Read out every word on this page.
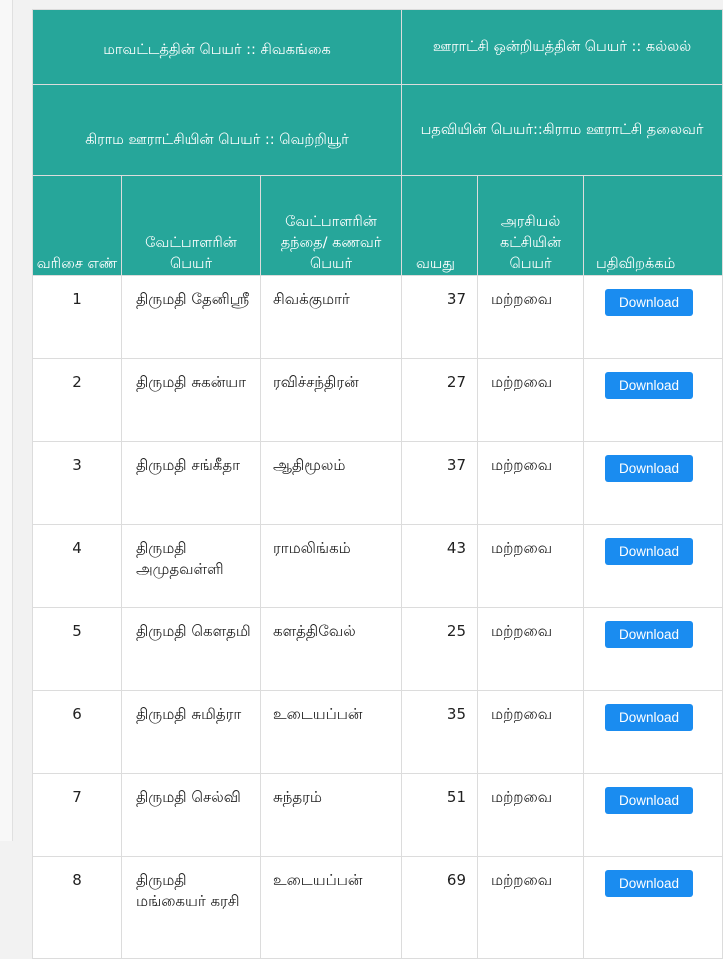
மாவட்டத்தின் பெயர் :: சிவகங்கை			ஊராட்சி ஒன்றியத்தின் பெயர் :: கல்லல்		
கிராம ஊராட்சியின் பெயர் :: வெற்றியூர்			பதவியின் பெயர்::கிராம ஊராட்சி தலைவர்		
வரிசை எண்	வேட்பாளரின் பெயர்	வேட்பாளரின் தந்தை/ கணவர் பெயர்	வயது	அரசியல் கட்சியின் பெயர்	பதிவிறக்கம்
1	திருமதி தேனிஸ்ரீ	சிவக்குமார்	37	மற்றவை	Download
2	திருமதி சுகன்யா	ரவிச்சந்திரன்	27	மற்றவை	Download
3	திருமதி சங்கீதா	ஆதிமூலம்	37	மற்றவை	Download
4	திருமதி அமுதவள்ளி	ராமலிங்கம்	43	மற்றவை	Download
5	திருமதி கௌதமி	களத்திவேல்	25	மற்றவை	Download
6	திருமதி சுமித்ரா	உடையப்பன்	35	மற்றவை	Download
7	திருமதி செல்வி	சுந்தரம்	51	மற்றவை	Download
8	திருமதி மங்கையர் கரசி	உடையப்பன்	69	மற்றவை	Download
